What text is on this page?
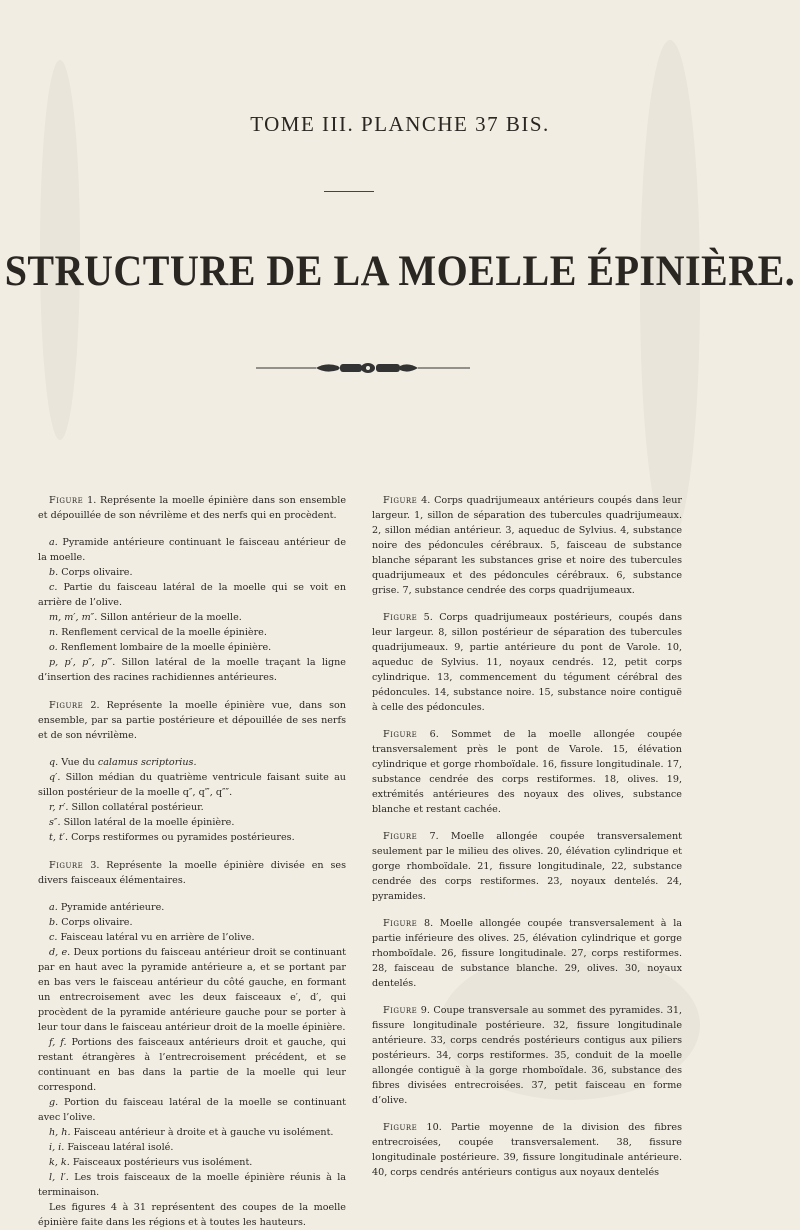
TOME III. PLANCHE 37 BIS.
STRUCTURE DE LA MOELLE ÉPINIÈRE.

Figure 1. Représente la moelle épinière dans son ensemble et dépouillée de son névrilème et des nerfs qui en procèdent.

a. Pyramide antérieure continuant le faisceau antérieur de la moelle.

b. Corps olivaire.

c. Partie du faisceau latéral de la moelle qui se voit en arrière de l’olive.

m, m′, m″. Sillon antérieur de la moelle.

n. Renflement cervical de la moelle épinière.

o. Renflement lombaire de la moelle épinière.

p, p′, p″, p‴. Sillon latéral de la moelle traçant la ligne d’insertion des racines rachidiennes antérieures.

Figure 2. Représente la moelle épinière vue, dans son ensemble, par sa partie postérieure et dépouillée de ses nerfs et de son névrilème.

q. Vue du calamus scriptorius.

q′. Sillon médian du quatrième ventricule faisant suite au sillon postérieur de la moelle q″, q‴, q″″.

r, r′. Sillon collatéral postérieur.

s″. Sillon latéral de la moelle épinière.

t, t′. Corps restiformes ou pyramides postérieures.

Figure 3. Représente la moelle épinière divisée en ses divers faisceaux élémentaires.

a. Pyramide antérieure.

b. Corps olivaire.

c. Faisceau latéral vu en arrière de l’olive.

d, e. Deux portions du faisceau antérieur droit se continuant par en haut avec la pyramide antérieure a, et se portant par en bas vers le faisceau antérieur du côté gauche, en formant un entrecroisement avec les deux faisceaux e′, d′, qui procèdent de la pyramide antérieure gauche pour se porter à leur tour dans le faisceau antérieur droit de la moelle épinière.

f, f. Portions des faisceaux antérieurs droit et gauche, qui restant étrangères à l’entrecroisement précédent, et se continuant en bas dans la partie de la moelle qui leur correspond.

g. Portion du faisceau latéral de la moelle se continuant avec l’olive.

h, h. Faisceau antérieur à droite et à gauche vu isolément.

i, i. Faisceau latéral isolé.

k, k. Faisceaux postérieurs vus isolément.

l, l′. Les trois faisceaux de la moelle épinière réunis à la terminaison.

Les figures 4 à 31 représentent des coupes de la moelle épinière faite dans les régions et à toutes les hauteurs.

Figure 4. Corps quadrijumeaux antérieurs coupés dans leur largeur. 1, sillon de séparation des tubercules quadrijumeaux. 2, sillon médian antérieur. 3, aqueduc de Sylvius. 4, substance noire des pédoncules cérébraux. 5, faisceau de substance blanche séparant les substances grise et noire des tubercules quadrijumeaux et des pédoncules cérébraux. 6, substance grise. 7, substance cendrée des corps quadrijumeaux.

Figure 5. Corps quadrijumeaux postérieurs, coupés dans leur largeur. 8, sillon postérieur de séparation des tubercules quadrijumeaux. 9, partie antérieure du pont de Varole. 10, aqueduc de Sylvius. 11, noyaux cendrés. 12, petit corps cylindrique. 13, commencement du tégument cérébral des pédoncules. 14, substance noire. 15, substance noire contiguë à celle des pédoncules.

Figure 6. Sommet de la moelle allongée coupée transversalement près le pont de Varole. 15, élévation cylindrique et gorge rhomboïdale. 16, fissure longitudinale. 17, substance cendrée des corps restiformes. 18, olives. 19, extrémités antérieures des noyaux des olives, substance blanche et restant cachée.

Figure 7. Moelle allongée coupée transversalement seulement par le milieu des olives. 20, élévation cylindrique et gorge rhomboïdale. 21, fissure longitudinale, 22, substance cendrée des corps restiformes. 23, noyaux dentelés. 24, pyramides.

Figure 8. Moelle allongée coupée transversalement à la partie inférieure des olives. 25, élévation cylindrique et gorge rhomboïdale. 26, fissure longitudinale. 27, corps restiformes. 28, faisceau de substance blanche. 29, olives. 30, noyaux dentelés.

Figure 9. Coupe transversale au sommet des pyramides. 31, fissure longitudinale postérieure. 32, fissure longitudinale antérieure. 33, corps cendrés postérieurs contigus aux piliers postérieurs. 34, corps restiformes. 35, conduit de la moelle allongée contiguë à la gorge rhomboïdale. 36, substance des fibres divisées entrecroisées. 37, petit faisceau en forme d’olive.

Figure 10. Partie moyenne de la division des fibres entrecroisées, coupée transversalement. 38, fissure longitudinale postérieure. 39, fissure longitudinale antérieure. 40, corps cendrés antérieurs contigus aux noyaux dentelés
